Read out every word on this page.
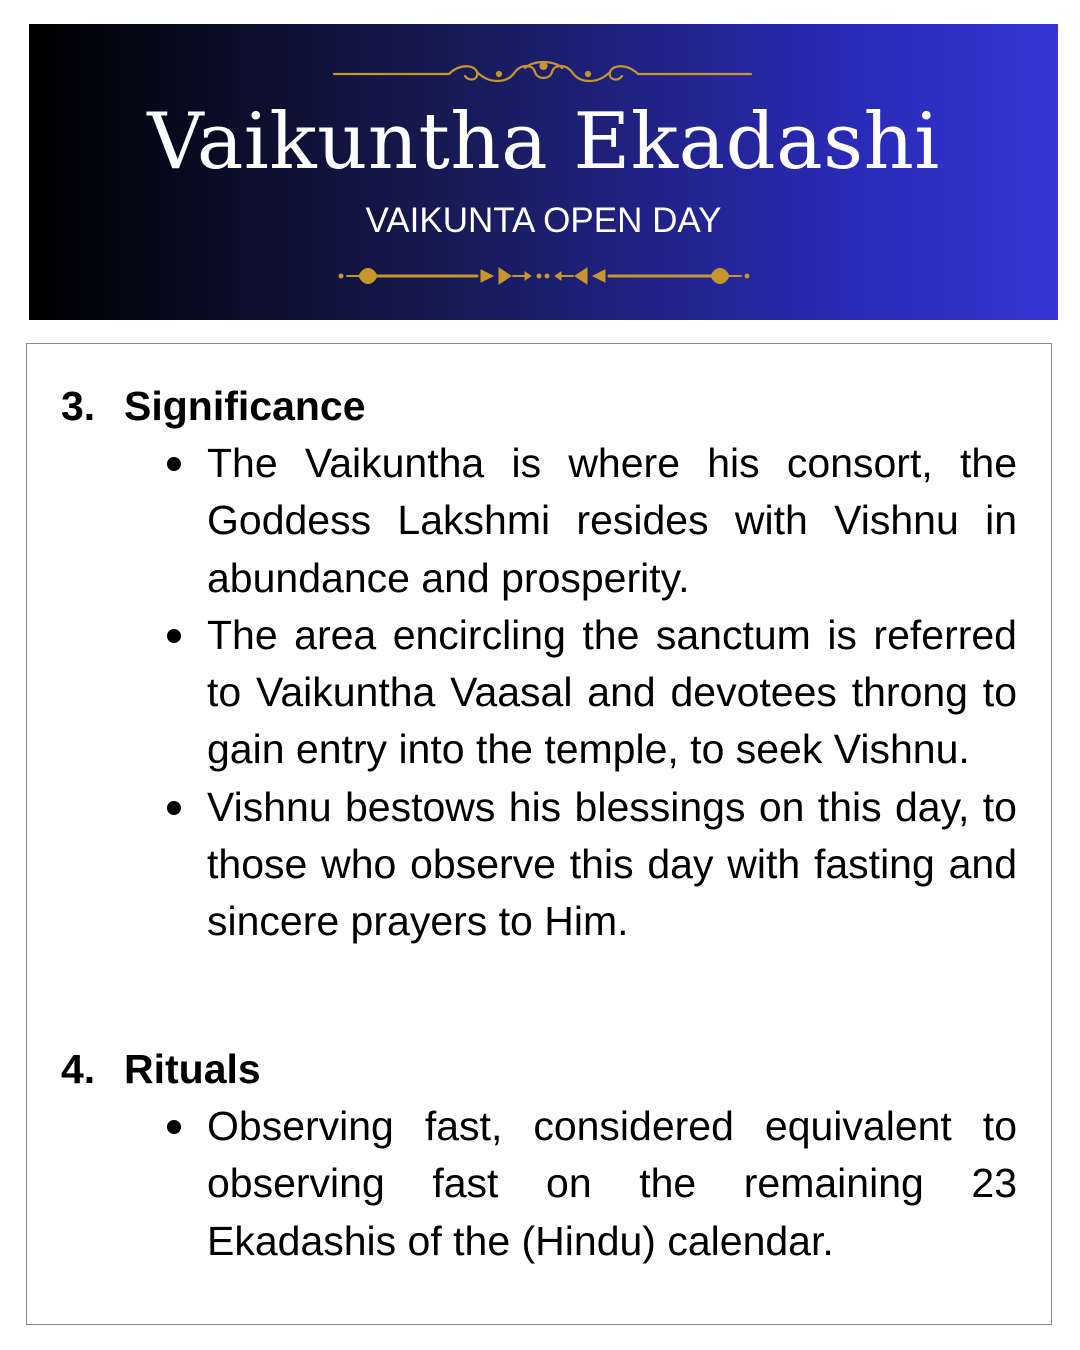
Vaikuntha Ekadashi

VAIKUNTA OPEN DAY

3. Significance
The Vaikuntha is where his consort, the Goddess Lakshmi resides with Vishnu in abundance and prosperity.
The area encircling the sanctum is referred to Vaikuntha Vaasal and devotees throng to gain entry into the temple, to seek Vishnu.
Vishnu bestows his blessings on this day, to those who observe this day with fasting and sincere prayers to Him.
4. Rituals
Observing fast, considered equivalent to observing fast on the remaining 23 Ekadashis of the (Hindu) calendar.
